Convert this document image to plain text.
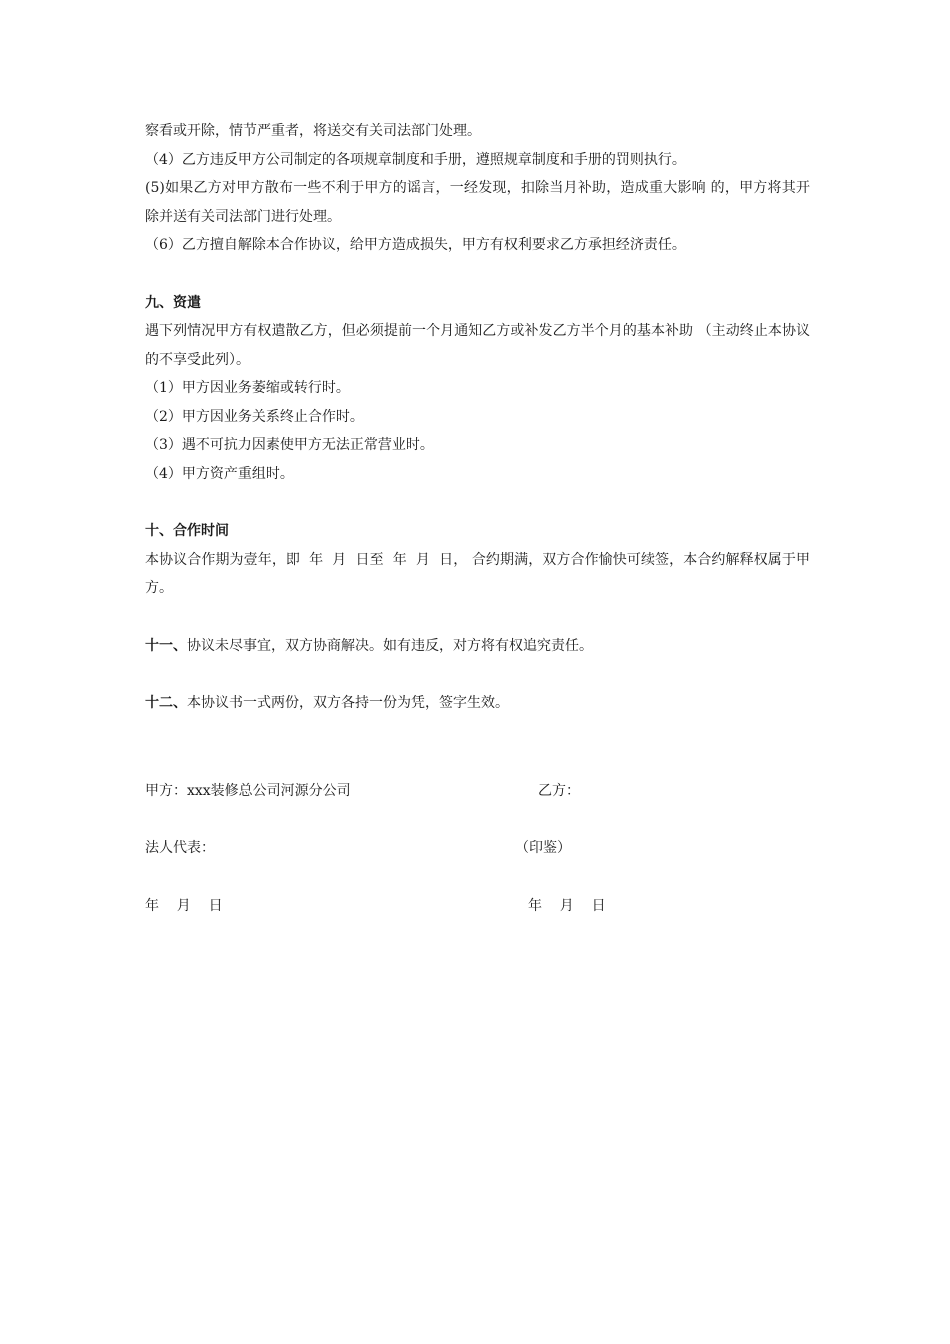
察看或开除，情节严重者，将送交有关司法部门处理。

（4）乙方违反甲方公司制定的各项规章制度和手册，遵照规章制度和手册的罚则执行。

(5)如果乙方对甲方散布一些不利于甲方的谣言，一经发现，扣除当月补助，造成重大影响 的，甲方将其开除并送有关司法部门进行处理。

（6）乙方擅自解除本合作协议，给甲方造成损失，甲方有权利要求乙方承担经济责任。

九、资遣

遇下列情况甲方有权遣散乙方，但必须提前一个月通知乙方或补发乙方半个月的基本补助 （主动终止本协议的不享受此列）。

（1）甲方因业务萎缩或转行时。

（2）甲方因业务关系终止合作时。

（3）遇不可抗力因素使甲方无法正常营业时。

（4）甲方资产重组时。

十、合作时间

本协议合作期为壹年，即  年  月  日至  年  月  日， 合约期满，双方合作愉快可续签，本合约解释权属于甲方。

十一、协议未尽事宜，双方协商解决。如有违反，对方将有权追究责任。

十二、本协议书一式两份，双方各持一份为凭，签字生效。

甲方：xxx装修总公司河源分公司	乙方：
法人代表：	（印鉴）
年    月    日	年    月    日
